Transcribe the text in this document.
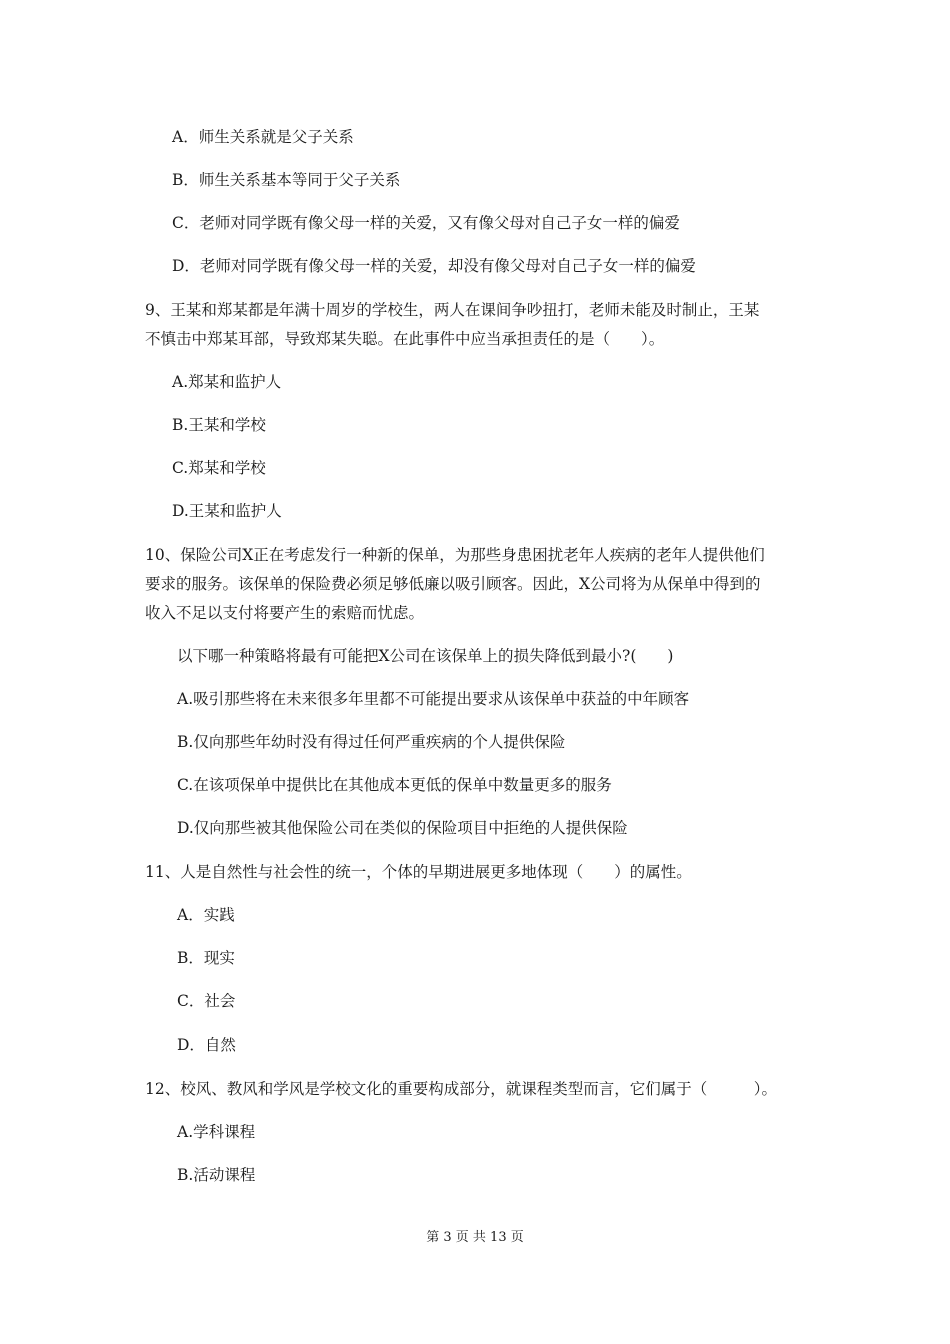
A．师生关系就是父子关系
B．师生关系基本等同于父子关系
C．老师对同学既有像父母一样的关爱，又有像父母对自己子女一样的偏爱
D．老师对同学既有像父母一样的关爱，却没有像父母对自己子女一样的偏爱
9、王某和郑某都是年满十周岁的学校生，两人在课间争吵扭打，老师未能及时制止，王某
不慎击中郑某耳部，导致郑某失聪。在此事件中应当承担责任的是（　　）。
A.郑某和监护人
B.王某和学校
C.郑某和学校
D.王某和监护人
10、保险公司X正在考虑发行一种新的保单，为那些身患困扰老年人疾病的老年人提供他们
要求的服务。该保单的保险费必须足够低廉以吸引顾客。因此，X公司将为从保单中得到的
收入不足以支付将要产生的索赔而忧虑。
以下哪一种策略将最有可能把X公司在该保单上的损失降低到最小?(　　)
A.吸引那些将在未来很多年里都不可能提出要求从该保单中获益的中年顾客
B.仅向那些年幼时没有得过任何严重疾病的个人提供保险
C.在该项保单中提供比在其他成本更低的保单中数量更多的服务
D.仅向那些被其他保险公司在类似的保险项目中拒绝的人提供保险
11、人是自然性与社会性的统一，个体的早期进展更多地体现（　　）的属性。
A．实践
B．现实
C．社会
D．自然
12、校风、教风和学风是学校文化的重要构成部分，就课程类型而言，它们属于（　　　）。
A.学科课程
B.活动课程
第 3 页 共 13 页
